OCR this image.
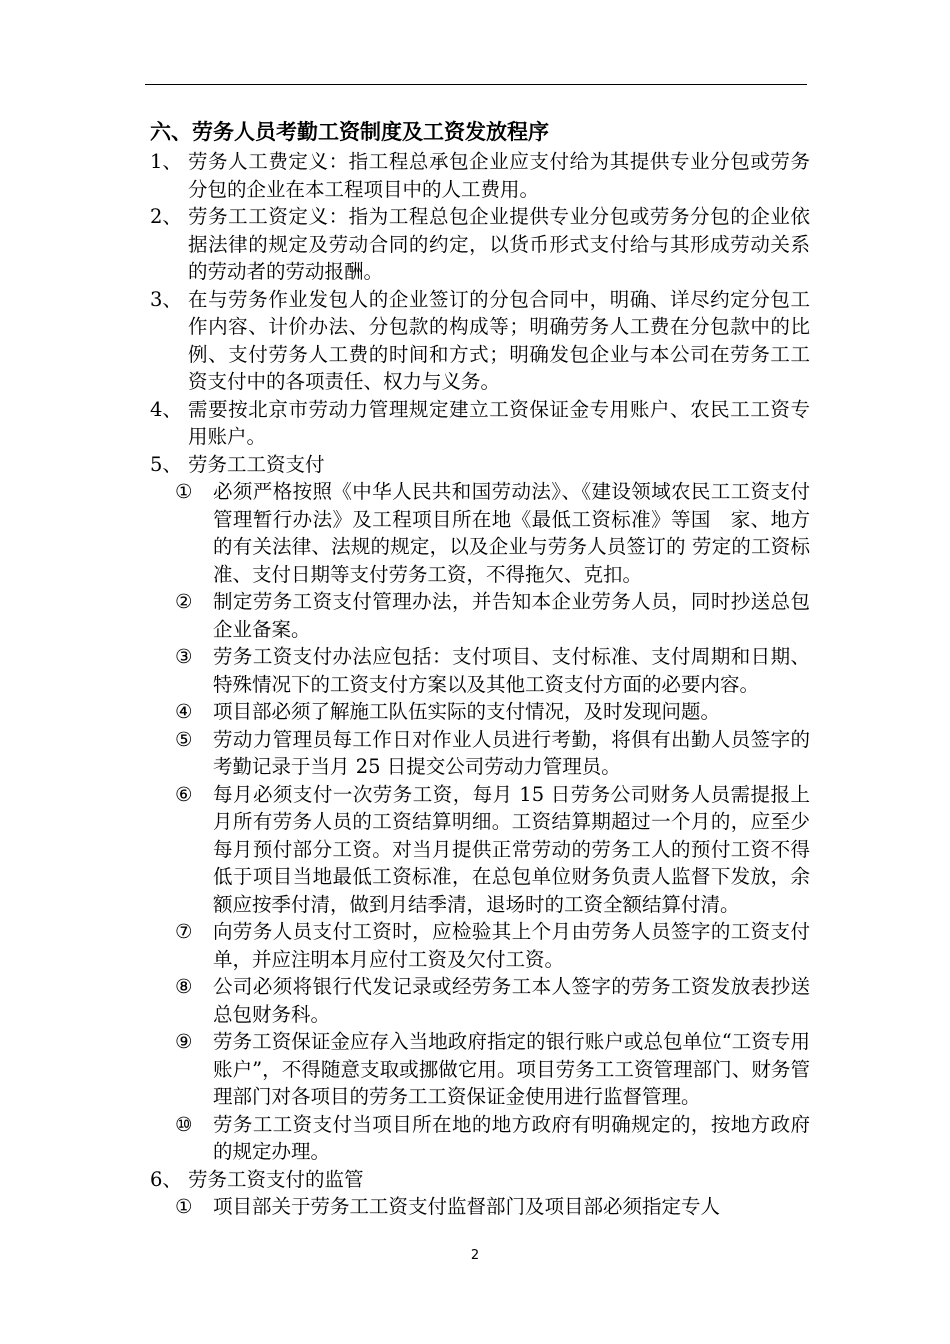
六、劳务人员考勤工资制度及工资发放程序

1、 劳务人工费定义：指工程总承包企业应支付给为其提供专业分包或劳务分包的企业在本工程项目中的人工费用。

2、 劳务工工资定义：指为工程总包企业提供专业分包或劳务分包的企业依据法律的规定及劳动合同的约定，以货币形式支付给与其形成劳动关系的劳动者的劳动报酬。

3、 在与劳务作业发包人的企业签订的分包合同中，明确、详尽约定分包工作内容、计价办法、分包款的构成等；明确劳务人工费在分包款中的比例、支付劳务人工费的时间和方式；明确发包企业与本公司在劳务工工资支付中的各项责任、权力与义务。

4、 需要按北京市劳动力管理规定建立工资保证金专用账户、农民工工资专用账户。

5、 劳务工工资支付

① 必须严格按照《中华人民共和国劳动法》、《建设领域农民工工资支付管理暂行办法》及工程项目所在地《最低工资标准》等国　家、地方的有关法律、法规的规定，以及企业与劳务人员签订的 劳定的工资标准、支付日期等支付劳务工资，不得拖欠、克扣。

② 制定劳务工资支付管理办法，并告知本企业劳务人员，同时抄送总包企业备案。

③ 劳务工资支付办法应包括：支付项目、支付标准、支付周期和日期、特殊情况下的工资支付方案以及其他工资支付方面的必要内容。

④ 项目部必须了解施工队伍实际的支付情况，及时发现问题。

⑤ 劳动力管理员每工作日对作业人员进行考勤，将俱有出勤人员签字的考勤记录于当月 25 日提交公司劳动力管理员。

⑥ 每月必须支付一次劳务工资，每月 15 日劳务公司财务人员需提报上月所有劳务人员的工资结算明细。工资结算期超过一个月的，应至少每月预付部分工资。对当月提供正常劳动的劳务工人的预付工资不得低于项目当地最低工资标准，在总包单位财务负责人监督下发放，余额应按季付清，做到月结季清，退场时的工资全额结算付清。

⑦ 向劳务人员支付工资时，应检验其上个月由劳务人员签字的工资支付单，并应注明本月应付工资及欠付工资。

⑧ 公司必须将银行代发记录或经劳务工本人签字的劳务工资发放表抄送总包财务科。

⑨ 劳务工资保证金应存入当地政府指定的银行账户或总包单位“工资专用账户”，不得随意支取或挪做它用。项目劳务工工资管理部门、财务管理部门对各项目的劳务工工资保证金使用进行监督管理。

⑩ 劳务工工资支付当项目所在地的地方政府有明确规定的，按地方政府的规定办理。

6、 劳务工资支付的监管

① 项目部关于劳务工工资支付监督部门及项目部必须指定专人

2
